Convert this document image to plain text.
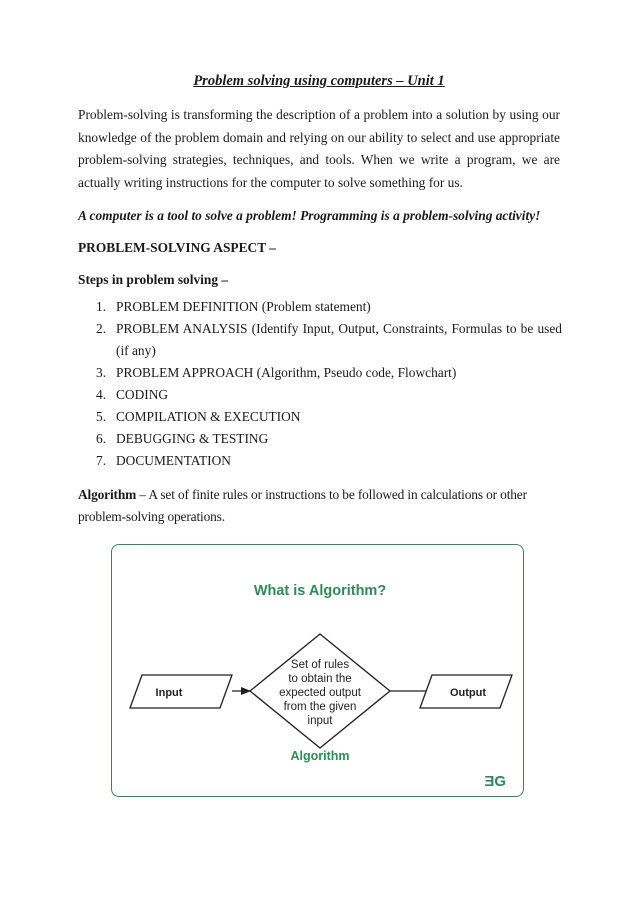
Problem solving using computers – Unit 1

Problem-solving is transforming the description of a problem into a solution by using our knowledge of the problem domain and relying on our ability to select and use appropriate problem-solving strategies, techniques, and tools. When we write a program, we are actually writing instructions for the computer to solve something for us.

A computer is a tool to solve a problem! Programming is a problem-solving activity!
PROBLEM-SOLVING ASPECT –
Steps in problem solving –
1. PROBLEM DEFINITION (Problem statement)
2. PROBLEM ANALYSIS (Identify Input, Output, Constraints, Formulas to be used (if any)
3. PROBLEM APPROACH (Algorithm, Pseudo code, Flowchart)
4. CODING
5. COMPILATION & EXECUTION
6. DEBUGGING & TESTING
7. DOCUMENTATION

Algorithm – A set of finite rules or instructions to be followed in calculations or other problem-solving operations.

What is Algorithm?
Input
Set of rules
to obtain the
expected output
from the given
input
Output
Algorithm
ƎG
